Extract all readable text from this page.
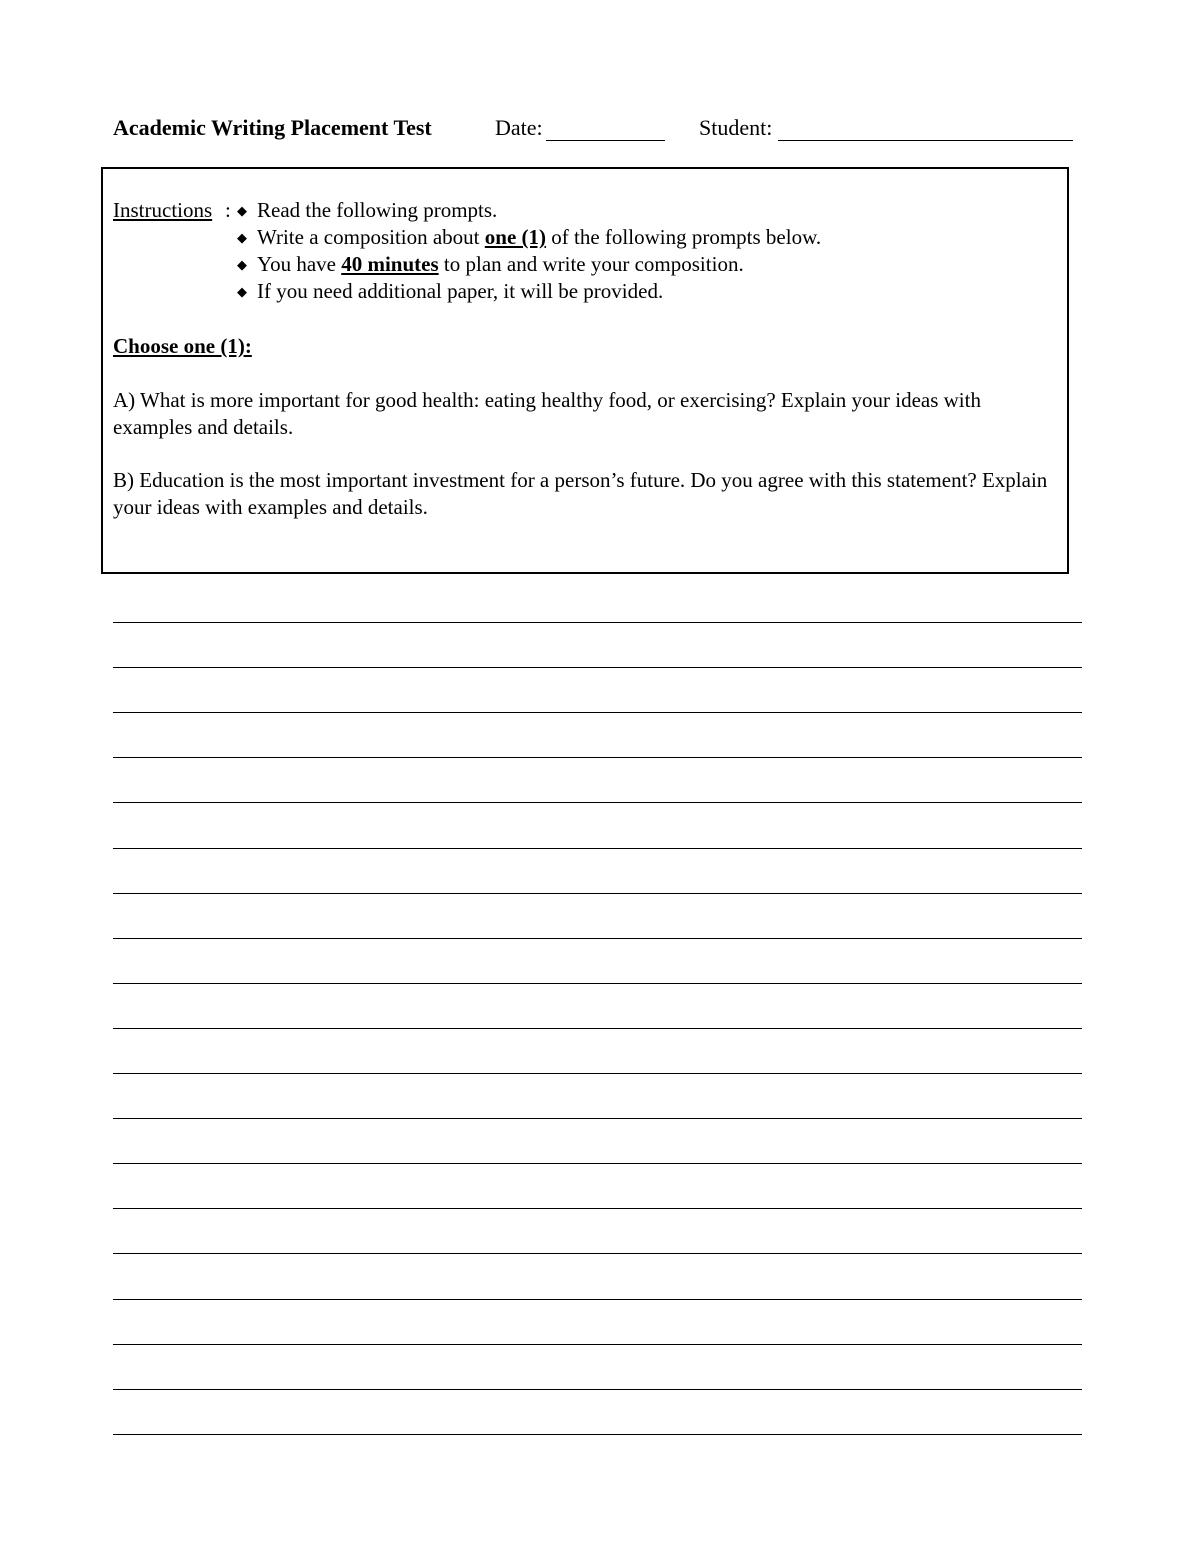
Academic Writing Placement Test	Date:	Student:
Instructions : ◆ Read the following prompts.
◆ Write a composition about one (1) of the following prompts below.
◆ You have 40 minutes to plan and write your composition.
◆ If you need additional paper, it will be provided.
Choose one (1):

A) What is more important for good health: eating healthy food, or exercising? Explain your ideas with examples and details.

B) Education is the most important investment for a person’s future. Do you agree with this statement? Explain your ideas with examples and details.
